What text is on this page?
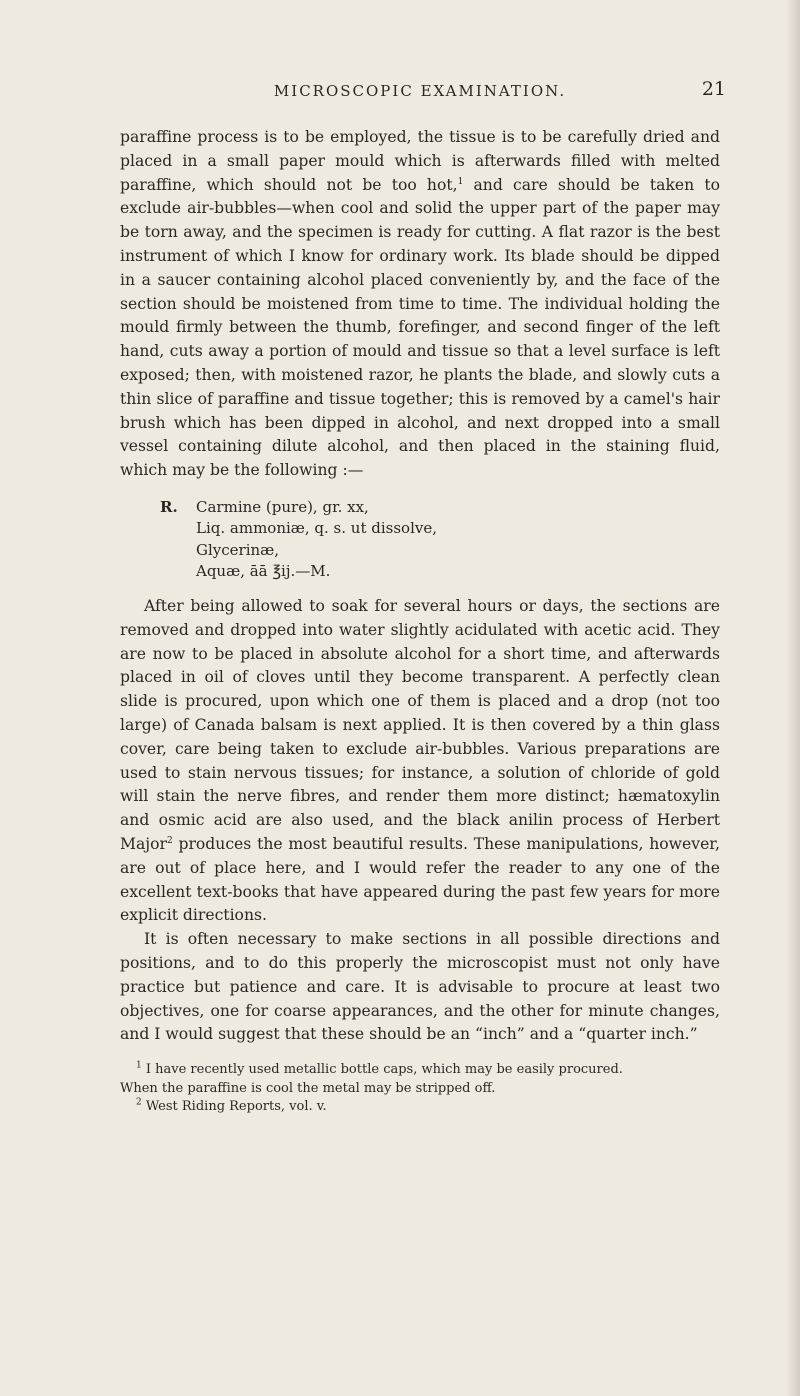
MICROSCOPIC EXAMINATION.	21

paraffine process is to be employed, the tissue is to be carefully dried and placed in a small paper mould which is afterwards filled with melted paraffine, which should not be too hot,$^1$ and care should be taken to exclude air-bubbles—when cool and solid the upper part of the paper may be torn away, and the specimen is ready for cutting. A flat razor is the best instrument of which I know for ordinary work. Its blade should be dipped in a saucer containing alcohol placed conveniently by, and the face of the section should be moistened from time to time. The individual holding the mould firmly between the thumb, forefinger, and second finger of the left hand, cuts away a portion of mould and tissue so that a level surface is left exposed; then, with moistened razor, he plants the blade, and slowly cuts a thin slice of paraffine and tissue together; this is removed by a camel's hair brush which has been dipped in alcohol, and next dropped into a small vessel containing dilute alcohol, and then placed in the staining fluid, which may be the following :—

R. Carmine (pure), gr. xx,

Liq. ammoniæ, q. s. ut dissolve,

Glycerinæ,

Aquæ, āā ℥ij.—M.

After being allowed to soak for several hours or days, the sections are removed and dropped into water slightly acidulated with acetic acid. They are now to be placed in absolute alcohol for a short time, and afterwards placed in oil of cloves until they become transparent. A perfectly clean slide is procured, upon which one of them is placed and a drop (not too large) of Canada balsam is next applied. It is then covered by a thin glass cover, care being taken to exclude air-bubbles. Various preparations are used to stain nervous tissues; for instance, a solution of chloride of gold will stain the nerve fibres, and render them more distinct; hæmatoxylin and osmic acid are also used, and the black anilin process of Herbert Major$^2$ produces the most beautiful results. These manipulations, however, are out of place here, and I would refer the reader to any one of the excellent text-books that have appeared during the past few years for more explicit directions.

It is often necessary to make sections in all possible directions and positions, and to do this properly the microscopist must not only have practice but patience and care. It is advisable to procure at least two objectives, one for coarse appearances, and the other for minute changes, and I would suggest that these should be an “inch” and a “quarter inch.”

$^1$ I have recently used metallic bottle caps, which may be easily procured.

When the paraffine is cool the metal may be stripped off.

$^2$ West Riding Reports, vol. v.
